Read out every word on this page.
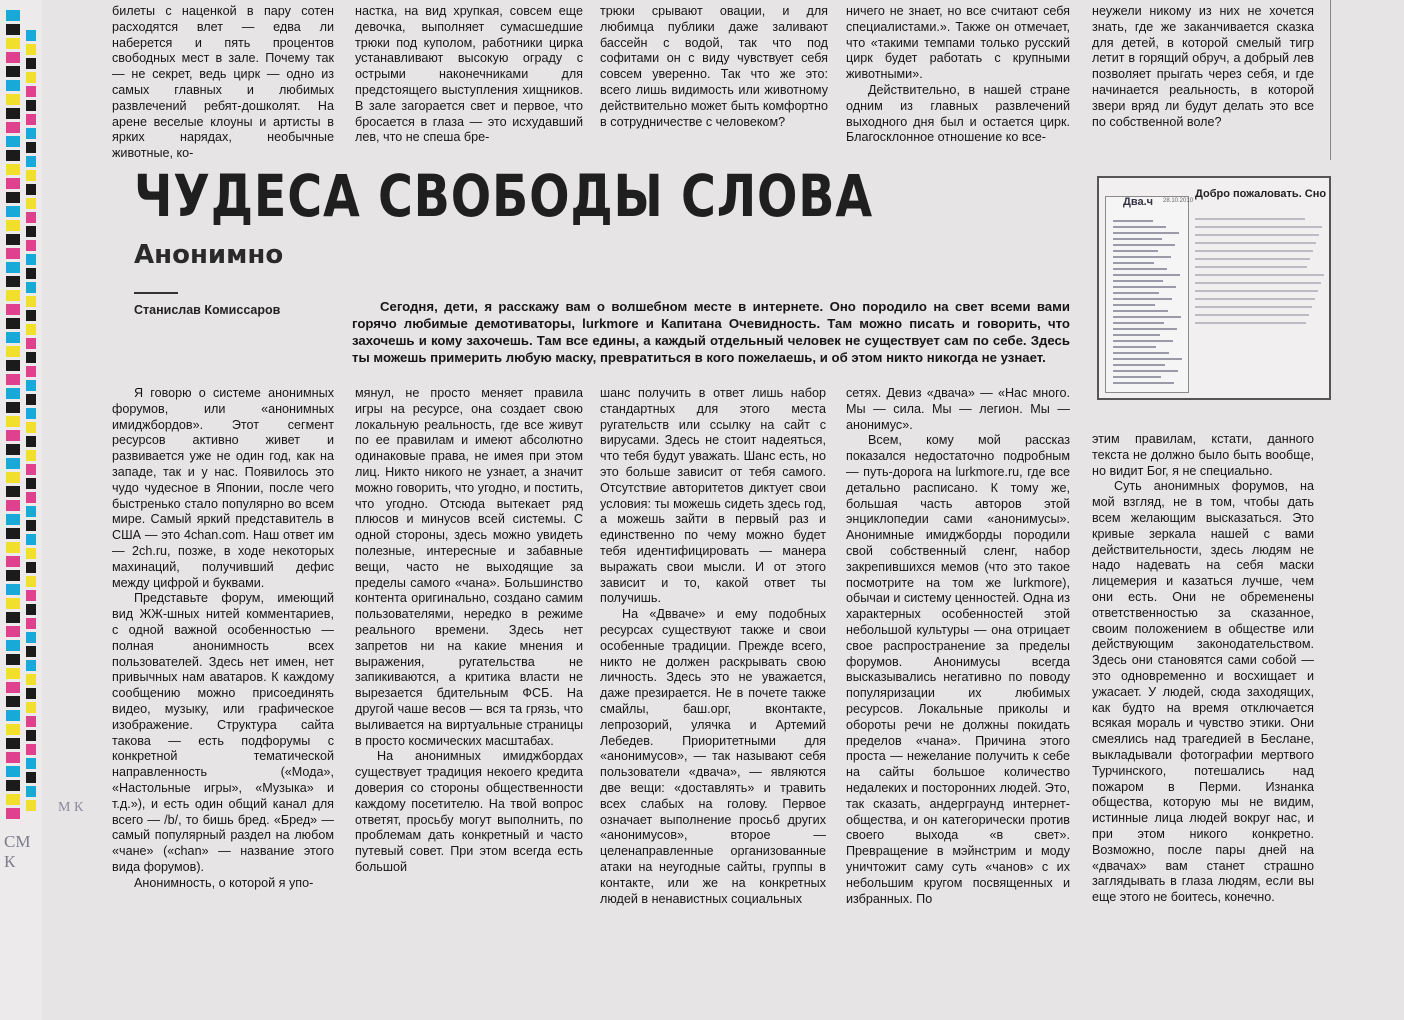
СМ К
М К

билеты с наценкой в пару сотен расходятся влет — едва ли наберется и пять процентов свободных мест в зале. Почему так — не секрет, ведь цирк — одно из самых главных и любимых развлечений ребят-дошколят. На арене веселые клоуны и артисты в ярких нарядах, необычные животные, ко-

настка, на вид хрупкая, совсем еще девочка, выполняет сумасшедшие трюки под куполом, работники цирка устанавливают высокую ограду с острыми наконечниками для предстоящего выступления хищников. В зале загорается свет и первое, что бросается в глаза — это исхудавший лев, что не спеша бре-

трюки срывают овации, и для любимца публики даже заливают бассейн с водой, так что под софитами он с виду чувствует себя совсем уверенно. Так что же это: всего лишь видимость или животному действительно может быть комфортно в сотрудничестве с человеком?

ничего не знает, но все считают себя специалистами.». Также он отмечает, что «такими темпами только русский цирк будет работать с крупными животными».

Действительно, в нашей стране одним из главных развлечений выходного дня был и остается цирк. Благосклонное отношение ко все-

неужели никому из них не хочется знать, где же заканчивается сказка для детей, в которой смелый тигр летит в горящий обруч, а добрый лев позволяет прыгать через себя, и где начинается реальность, в которой звери вряд ли будут делать это все по собственной воле?

ЧУДЕСА СВОБОДЫ СЛОВА
Анонимно
Станислав Комиссаров	Сегодня, дети, я расскажу вам о волшебном месте в интернете. Оно породило на свет всеми вами горячо любимые демотиваторы, lurkmore и Капитана Очевидность. Там можно писать и говорить, что захочешь и кому захочешь. Там все едины, а каждый отдельный человек не существует сам по себе. Здесь ты можешь примерить любую маску, превратиться в кого пожелаешь, и об этом никто никогда не узнает.

Два.ч 28.10.2010
Добро пожаловать. Сно

Я говорю о системе анонимных форумов, или «анонимных имиджбордов». Этот сегмент ресурсов активно живет и развивается уже не один год, как на западе, так и у нас. Появилось это чудо чудесное в Японии, после чего быстренько стало популярно во всем мире. Самый яркий представитель в США — это 4chan.com. Наш ответ им — 2ch.ru, позже, в ходе некоторых махинаций, получивший дефис между цифрой и буквами.

Представьте форум, имеющий вид ЖЖ-шных нитей комментариев, с одной важной особенностью — полная анонимность всех пользователей. Здесь нет имен, нет привычных нам аватаров. К каждому сообщению можно присоединять видео, музыку, или графическое изображение. Структура сайта такова — есть подфорумы с конкретной тематической направленность («Мода», «Настольные игры», «Музыка» и т.д.»), и есть один общий канал для всего — /b/, то бишь бред. «Бред» — самый популярный раздел на любом «чане» («chan» — название этого вида форумов).

Анонимность, о которой я упо-

мянул, не просто меняет правила игры на ресурсе, она создает свою локальную реальность, где все живут по ее правилам и имеют абсолютно одинаковые права, не имея при этом лиц. Никто никого не узнает, а значит можно говорить, что угодно, и постить, что угодно. Отсюда вытекает ряд плюсов и минусов всей системы. С одной стороны, здесь можно увидеть полезные, интересные и забавные вещи, часто не выходящие за пределы самого «чана». Большинство контента оригинально, создано самим пользователями, нередко в режиме реального времени. Здесь нет запретов ни на какие мнения и выражения, ругательства не запикиваются, а критика власти не вырезается бдительным ФСБ. На другой чаше весов — вся та грязь, что выливается на виртуальные страницы в просто космических масштабах.

На анонимных имиджбордах существует традиция некоего кредита доверия со стороны общественности каждому посетителю. На твой вопрос ответят, просьбу могут выполнить, по проблемам дать конкретный и часто путевый совет. При этом всегда есть большой

шанс получить в ответ лишь набор стандартных для этого места ругательств или ссылку на сайт с вирусами. Здесь не стоит надеяться, что тебя будут уважать. Шанс есть, но это больше зависит от тебя самого. Отсутствие авторитетов диктует свои условия: ты можешь сидеть здесь год, а можешь зайти в первый раз и единственно по чему можно будет тебя идентифицировать — манера выражать свои мысли. И от этого зависит и то, какой ответ ты получишь.

На «Двваче» и ему подобных ресурсах существуют также и свои особенные традиции. Прежде всего, никто не должен раскрывать свою личность. Здесь это не уважается, даже презирается. Не в почете также смайлы, баш.орг, вконтакте, лепрозорий, улячка и Артемий Лебедев. Приоритетными для «анонимусов», — так называют себя пользователи «двача», — являются две вещи: «доставлять» и травить всех слабых на голову. Первое означает выполнение просьб других «анонимусов», второе — целенаправленные организованные атаки на неугодные сайты, группы в контакте, или же на конкретных людей в ненавистных социальных

сетях. Девиз «двача» — «Нас много. Мы — сила. Мы — легион. Мы — анонимус».

Всем, кому мой рассказ показался недостаточно подробным — путь-дорога на lurkmore.ru, где все детально расписано. К тому же, большая часть авторов этой энциклопедии сами «анонимусы». Анонимные имиджборды породили свой собственный сленг, набор закрепившихся мемов (что это такое посмотрите на том же lurkmore), обычаи и систему ценностей. Одна из характерных особенностей этой небольшой культуры — она отрицает свое распространение за пределы форумов. Анонимусы всегда высказывались негативно по поводу популяризации их любимых ресурсов. Локальные приколы и обороты речи не должны покидать пределов «чана». Причина этого проста — нежелание получить к себе на сайты большое количество недалеких и посторонних людей. Это, так сказать, андерграунд интернет-общества, и он категорически против своего выхода «в свет». Превращение в мэйнстрим и моду уничтожит саму суть «чанов» с их небольшим кругом посвященных и избранных. По

этим правилам, кстати, данного текста не должно было быть вообще, но видит Бог, я не специально.

Суть анонимных форумов, на мой взгляд, не в том, чтобы дать всем желающим высказаться. Это кривые зеркала нашей с вами действительности, здесь людям не надо надевать на себя маски лицемерия и казаться лучше, чем они есть. Они не обременены ответственностью за сказанное, своим положением в обществе или действующим законодательством. Здесь они становятся сами собой — это одновременно и восхищает и ужасает. У людей, сюда заходящих, как будто на время отключается всякая мораль и чувство этики. Они смеялись над трагедией в Беслане, выкладывали фотографии мертвого Турчинского, потешались над пожаром в Перми. Изнанка общества, которую мы не видим, истинные лица людей вокруг нас, и при этом никого конкретно. Возможно, после пары дней на «двачах» вам станет страшно заглядывать в глаза людям, если вы еще этого не боитесь, конечно.
